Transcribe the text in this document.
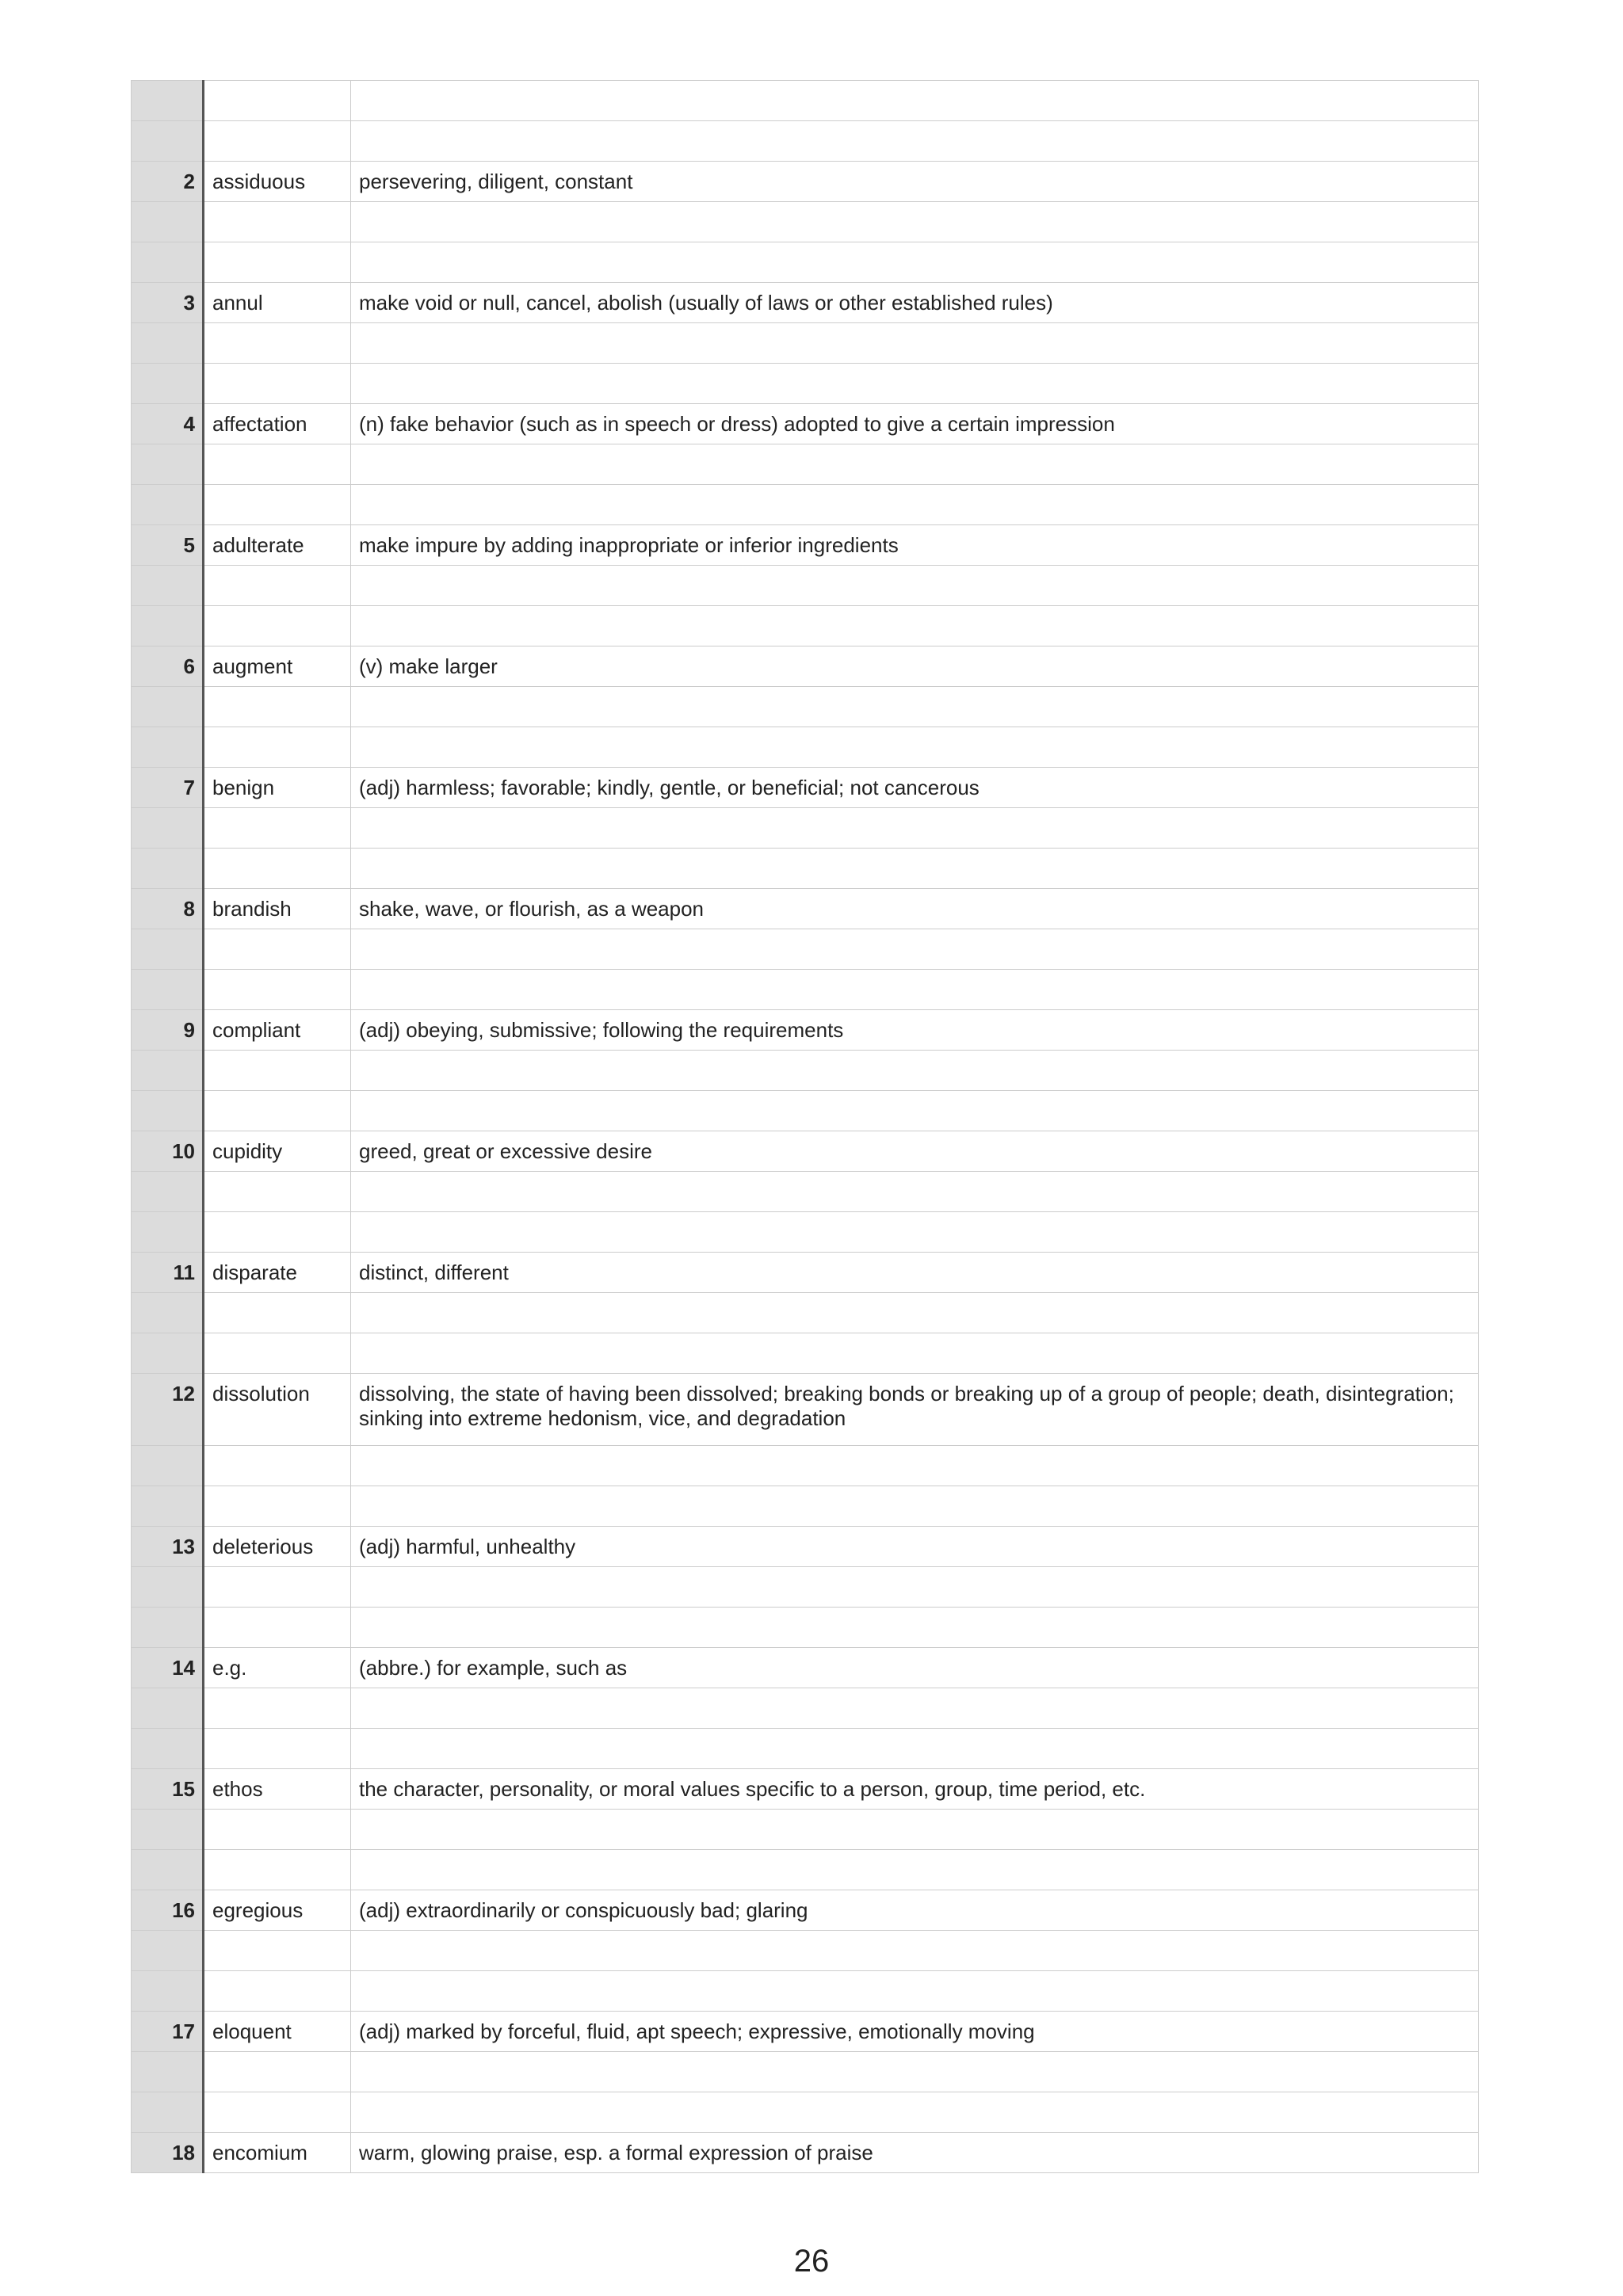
2	assiduous	persevering, diligent, constant

3	annul	make void or null, cancel, abolish (usually of laws or other established rules)

4	affectation	(n) fake behavior (such as in speech or dress) adopted to give a certain impression

5	adulterate	make impure by adding inappropriate or inferior ingredients

6	augment	(v) make larger

7	benign	(adj) harmless; favorable; kindly, gentle, or beneficial; not cancerous

8	brandish	shake, wave, or flourish, as a weapon

9	compliant	(adj) obeying, submissive; following the requirements

10	cupidity	greed, great or excessive desire

11	disparate	distinct, different

12	dissolution	dissolving, the state of having been dissolved; breaking bonds or breaking up of a group of people; death, disintegration; sinking into extreme hedonism, vice, and degradation

13	deleterious	(adj) harmful, unhealthy

14	e.g.	(abbre.) for example, such as

15	ethos	the character, personality, or moral values specific to a person, group, time period, etc.

16	egregious	(adj) extraordinarily or conspicuously bad; glaring

17	eloquent	(adj) marked by forceful, fluid, apt speech; expressive, emotionally moving

18	encomium	warm, glowing praise, esp. a formal expression of praise
26
